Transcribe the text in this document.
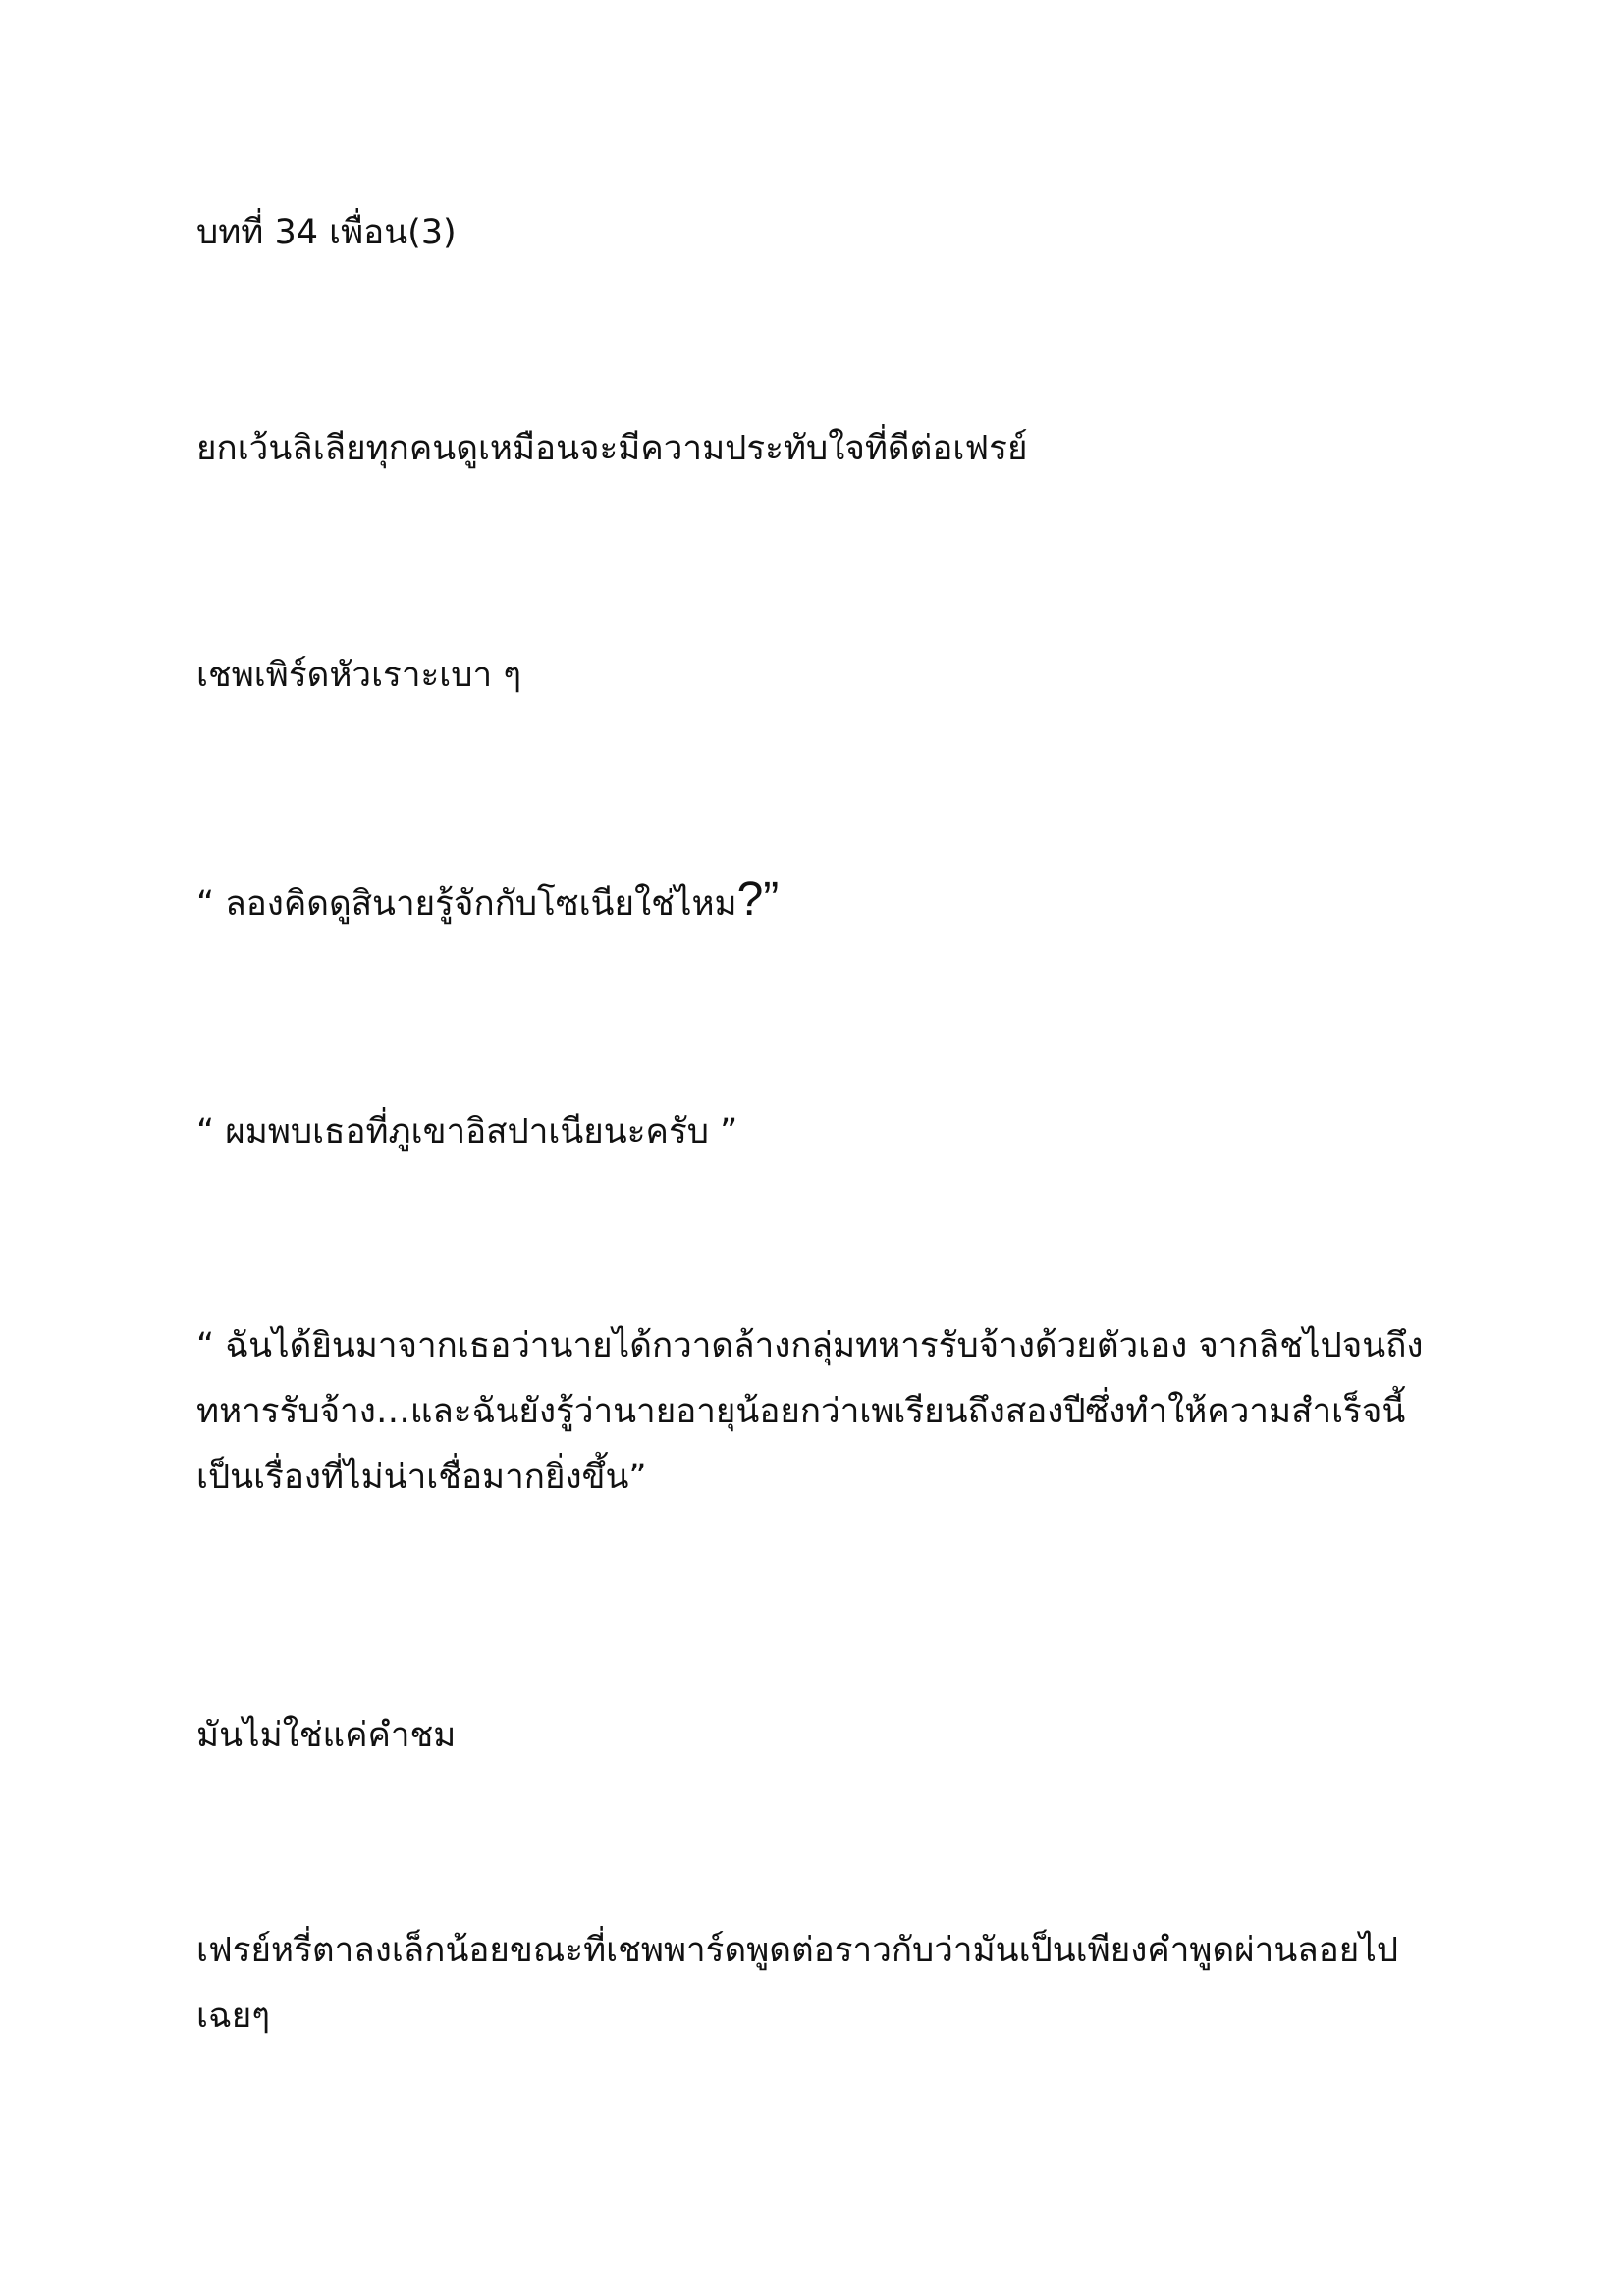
บทที่ 34 เพื่อน(3)

ยกเว้นลิเลียทุกคนดูเหมือนจะมีความประทับใจที่ดีต่อเฟรย์

เชพเพิร์ดหัวเราะเบา ๆ

“ ลองคิดดูสินายรู้จักกับโซเนียใช่ไหม?”

“ ผมพบเธอที่ภูเขาอิสปาเนียนะครับ ”

“ ฉันได้ยินมาจากเธอว่านายได้กวาดล้างกลุ่มทหารรับจ้างด้วยตัวเอง จากลิชไปจนถึง
ทหารรับจ้าง…และฉันยังรู้ว่านายอายุน้อยกว่าเพเรียนถึงสองปีซึ่งทำให้ความสำเร็จนี้
เป็นเรื่องที่ไม่น่าเชื่อมากยิ่งขึ้น”

มันไม่ใช่แค่คำชม

เฟรย์หรี่ตาลงเล็กน้อยขณะที่เชพพาร์ดพูดต่อราวกับว่ามันเป็นเพียงคำพูดผ่านลอยไป
เฉยๆ
